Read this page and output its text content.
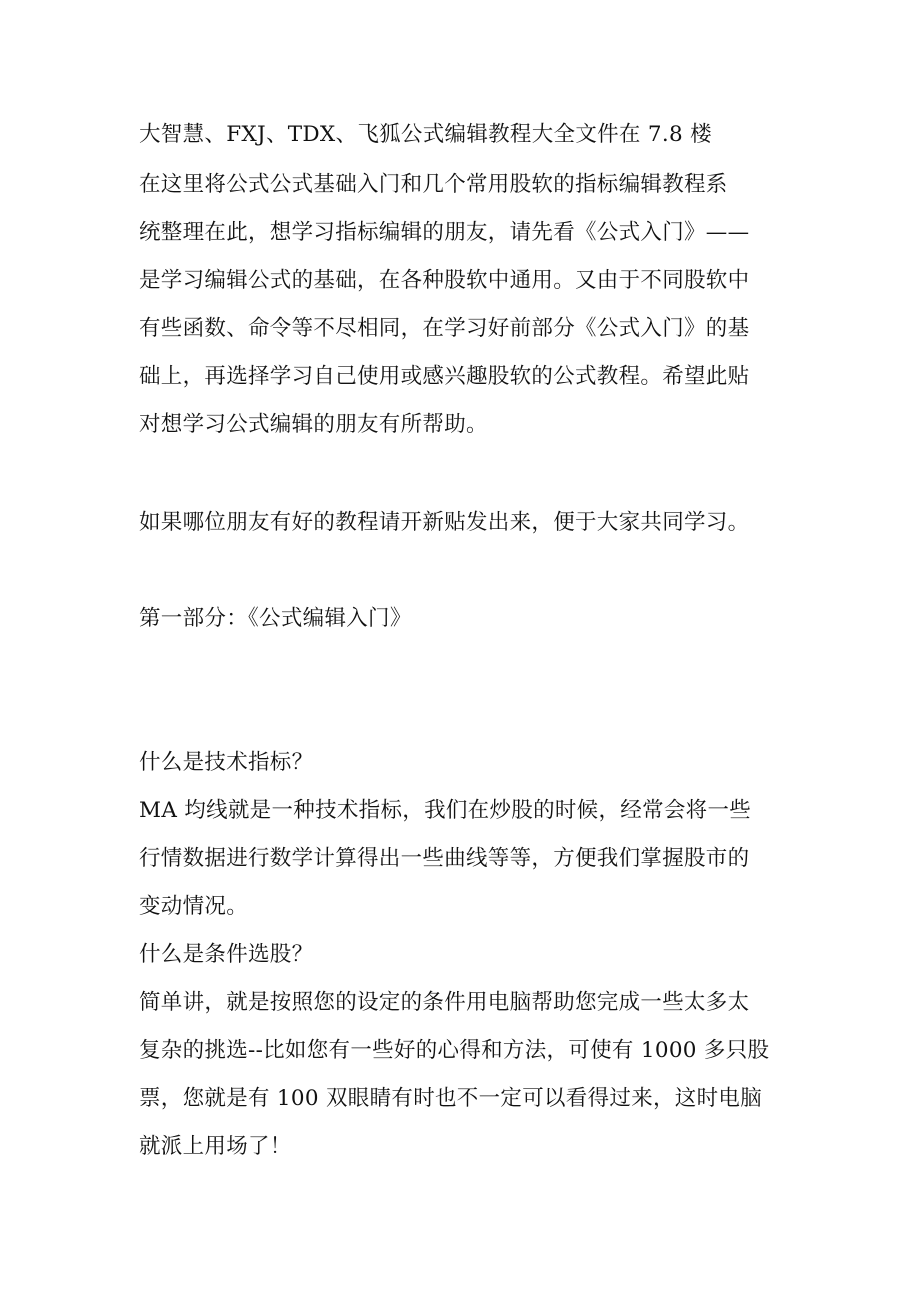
大智慧、FXJ、TDX、飞狐公式编辑教程大全文件在 7.8 楼
在这里将公式公式基础入门和几个常用股软的指标编辑教程系
统整理在此，想学习指标编辑的朋友，请先看《公式入门》——
是学习编辑公式的基础，在各种股软中通用。又由于不同股软中
有些函数、命令等不尽相同，在学习好前部分《公式入门》的基
础上，再选择学习自己使用或感兴趣股软的公式教程。希望此贴
对想学习公式编辑的朋友有所帮助。
如果哪位朋友有好的教程请开新贴发出来，便于大家共同学习。
第一部分：《公式编辑入门》
什么是技术指标？
MA 均线就是一种技术指标，我们在炒股的时候，经常会将一些
行情数据进行数学计算得出一些曲线等等，方便我们掌握股市的
变动情况。
什么是条件选股？
简单讲，就是按照您的设定的条件用电脑帮助您完成一些太多太
复杂的挑选--比如您有一些好的心得和方法，可使有 1000 多只股
票，您就是有 100 双眼睛有时也不一定可以看得过来，这时电脑
就派上用场了！
